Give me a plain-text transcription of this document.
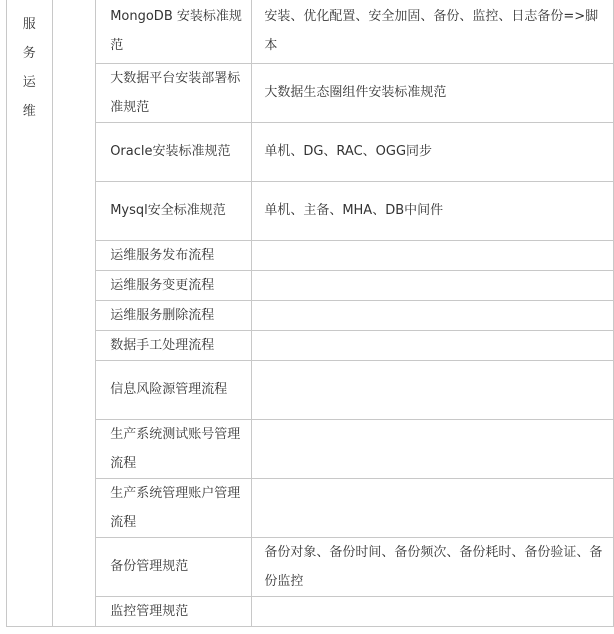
服务运维		MongoDB 安装标准规范	安装、优化配置、安全加固、备份、监控、日志备份=>脚本
		大数据平台安装部署标准规范	大数据生态圈组件安装标准规范
		Oracle安装标准规范	单机、DG、RAC、OGG同步
		Mysql安全标准规范	单机、主备、MHA、DB中间件
		运维服务发布流程	
		运维服务变更流程	
		运维服务删除流程	
		数据手工处理流程	
		信息风险源管理流程	
		生产系统测试账号管理流程	
		生产系统管理账户管理流程	
		备份管理规范	备份对象、备份时间、备份频次、备份耗时、备份验证、备份监控
		监控管理规范	
